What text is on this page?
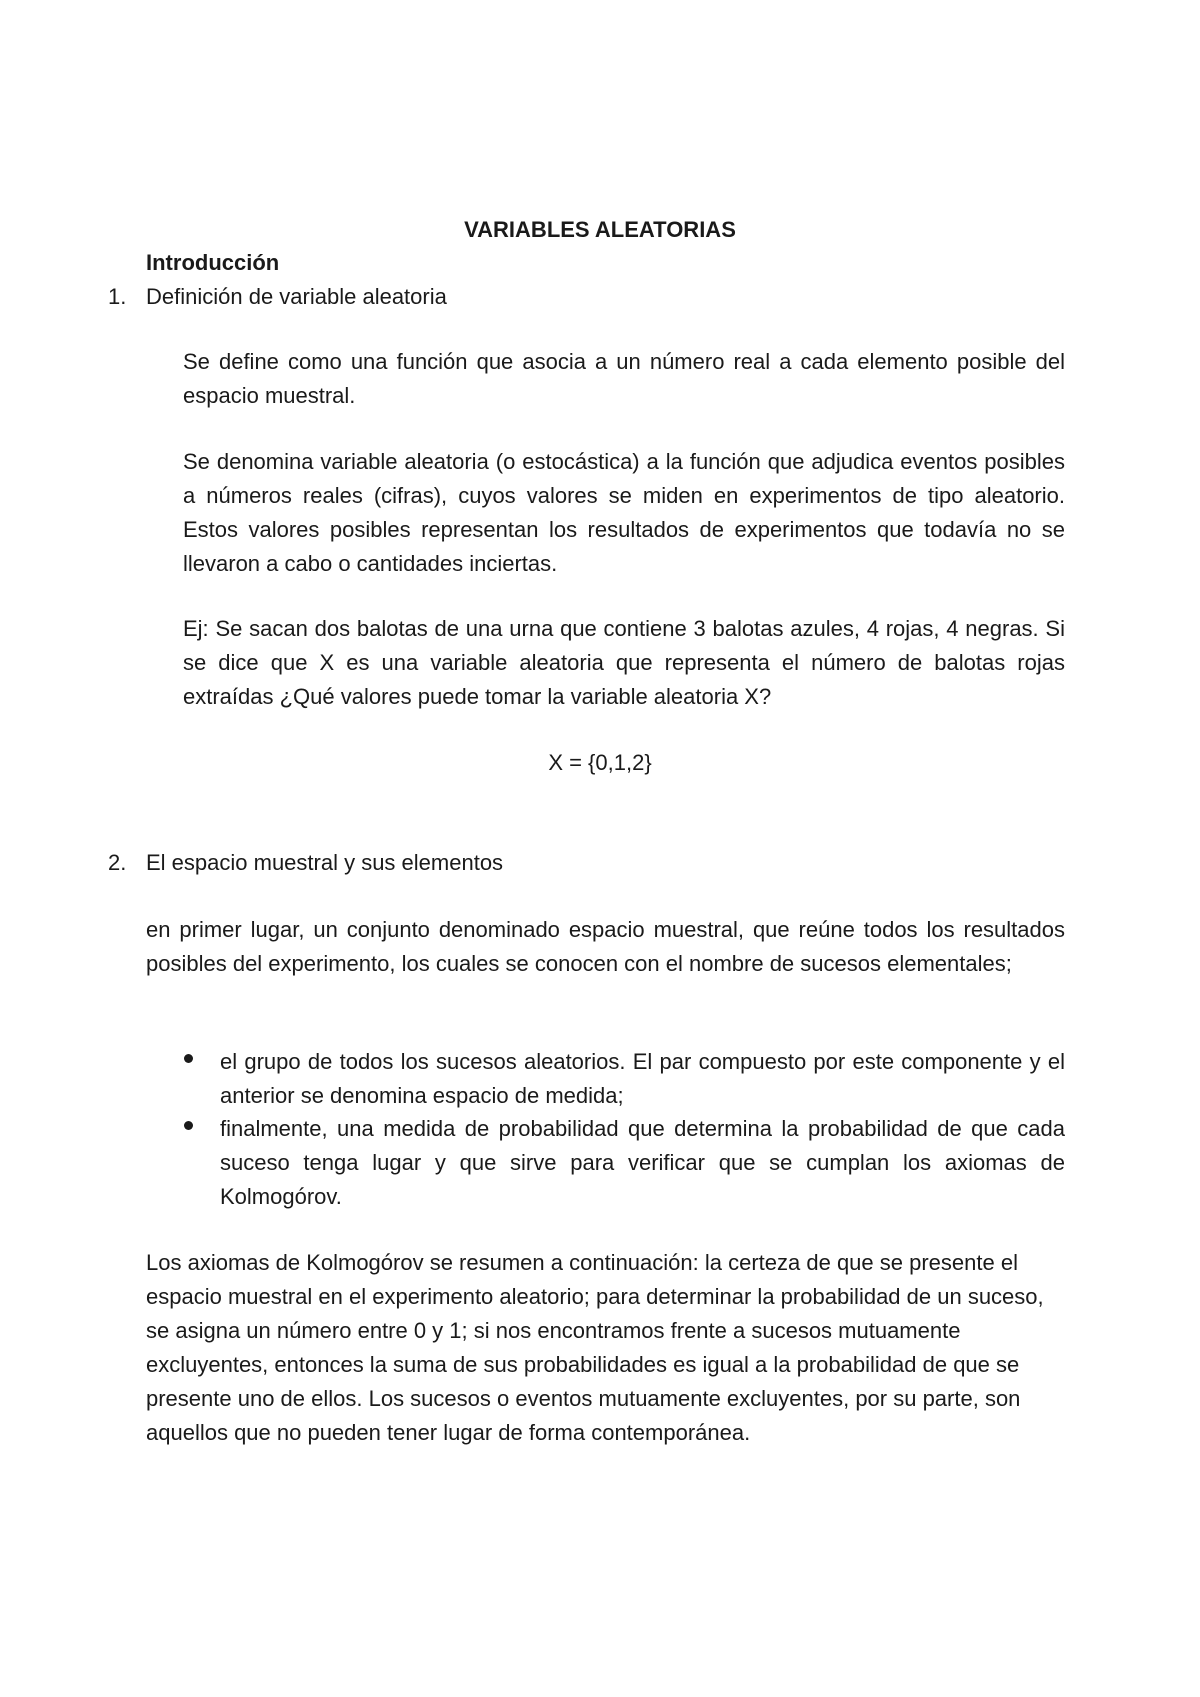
VARIABLES ALEATORIAS
Introducción
1. Definición de variable aleatoria
Se define como una función que asocia a un número real a cada elemento posible del espacio muestral.
Se denomina variable aleatoria (o estocástica) a la función que adjudica eventos posibles a números reales (cifras), cuyos valores se miden en experimentos de tipo aleatorio. Estos valores posibles representan los resultados de experimentos que todavía no se llevaron a cabo o cantidades inciertas.
Ej: Se sacan dos balotas de una urna que contiene 3 balotas azules, 4 rojas, 4 negras. Si se dice que X es una variable aleatoria que representa el número de balotas rojas extraídas ¿Qué valores puede tomar la variable aleatoria X?
X = {0,1,2}
2. El espacio muestral y sus elementos
en primer lugar, un conjunto denominado espacio muestral, que reúne todos los resultados posibles del experimento, los cuales se conocen con el nombre de sucesos elementales;
el grupo de todos los sucesos aleatorios. El par compuesto por este componente y el anterior se denomina espacio de medida;
finalmente, una medida de probabilidad que determina la probabilidad de que cada suceso tenga lugar y que sirve para verificar que se cumplan los axiomas de Kolmogórov.
Los axiomas de Kolmogórov se resumen a continuación: la certeza de que se presente el espacio muestral en el experimento aleatorio; para determinar la probabilidad de un suceso, se asigna un número entre 0 y 1; si nos encontramos frente a sucesos mutuamente excluyentes, entonces la suma de sus probabilidades es igual a la probabilidad de que se presente uno de ellos. Los sucesos o eventos mutuamente excluyentes, por su parte, son aquellos que no pueden tener lugar de forma contemporánea.
